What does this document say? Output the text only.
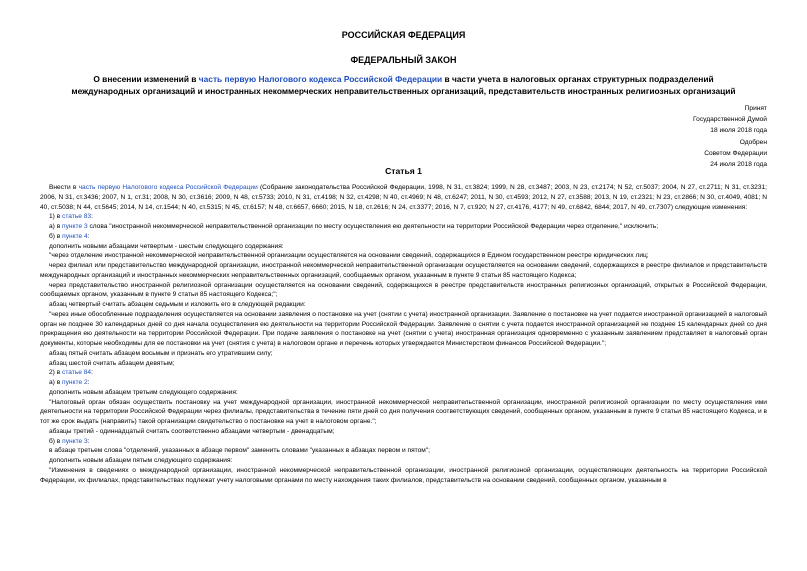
РОССИЙСКАЯ ФЕДЕРАЦИЯ
ФЕДЕРАЛЬНЫЙ ЗАКОН
О внесении изменений в часть первую Налогового кодекса Российской Федерации в части учета в налоговых органах структурных подразделений
международных организаций и иностранных некоммерческих неправительственных организаций, представительств иностранных религиозных организаций
Принят
Государственной Думой
18 июля 2018 года
Одобрен
Советом Федерации
24 июля 2018 года
Статья 1

Внести в часть первую Налогового кодекса Российской Федерации (Собрание законодательства Российской Федерации, 1998, N 31, ст.3824; 1999, N 28, ст.3487; 2003, N 23, ст.2174; N 52, ст.5037; 2004, N 27, ст.2711; N 31, ст.3231; 2006, N 31, ст.3436; 2007, N 1, ст.31; 2008, N 30, ст.3616; 2009, N 48, ст.5733; 2010, N 31, ст.4198; N 32, ст.4298; N 40, ст.4969; N 48, ст.6247; 2011, N 30, ст.4593; 2012, N 27, ст.3588; 2013, N 19, ст.2321; N 23, ст.2866; N 30, ст.4049, 4081; N 40, ст.5038; N 44, ст.5645; 2014, N 14, ст.1544; N 40, ст.5315; N 45, ст.6157; N 48, ст.6657, 6660; 2015, N 18, ст.2616; N 24, ст.3377; 2016, N 7, ст.920; N 27, ст.4176, 4177; N 49, ст.6842, 6844; 2017, N 49, ст.7307) следующие изменения:

1) в статье 83:

а) в пункте 3 слова "иностранной некоммерческой неправительственной организации по месту осуществления ею деятельности на территории Российской Федерации через отделение," исключить;

б) в пункте 4:

дополнить новыми абзацами четвертым - шестым следующего содержания:

"через отделение иностранной некоммерческой неправительственной организации осуществляется на основании сведений, содержащихся в Едином государственном реестре юридических лиц;

через филиал или представительство международной организации, иностранной некоммерческой неправительственной организации осуществляется на основании сведений, содержащихся в реестре филиалов и представительств международных организаций и иностранных некоммерческих неправительственных организаций, сообщаемых органом, указанным в пункте 9 статьи 85 настоящего Кодекса;

через представительство иностранной религиозной организации осуществляется на основании сведений, содержащихся в реестре представительств иностранных религиозных организаций, открытых в Российской Федерации, сообщаемых органом, указанным в пункте 9 статьи 85 настоящего Кодекса;";

абзац четвертый считать абзацем седьмым и изложить его в следующей редакции:

"через иные обособленные подразделения осуществляется на основании заявления о постановке на учет (снятии с учета) иностранной организации. Заявление о постановке на учет подается иностранной организацией в налоговый орган не позднее 30 календарных дней со дня начала осуществления ею деятельности на территории Российской Федерации. Заявление о снятии с учета подается иностранной организацией не позднее 15 календарных дней со дня прекращения ею деятельности на территории Российской Федерации. При подаче заявления о постановке на учет (снятии с учета) иностранная организация одновременно с указанным заявлением представляет в налоговый орган документы, которые необходимы для ее постановки на учет (снятия с учета) в налоговом органе и перечень которых утверждается Министерством финансов Российской Федерации.";

абзац пятый считать абзацем восьмым и признать его утратившим силу;

абзац шестой считать абзацем девятым;

2) в статье 84:

а) в пункте 2:

дополнить новым абзацем третьим следующего содержания:

"Налоговый орган обязан осуществить постановку на учет международной организации, иностранной некоммерческой неправительственной организации, иностранной религиозной организации по месту осуществления ими деятельности на территории Российской Федерации через филиалы, представительства в течение пяти дней со дня получения соответствующих сведений, сообщенных органом, указанным в пункте 9 статьи 85 настоящего Кодекса, и в тот же срок выдать (направить) такой организации свидетельство о постановке на учет в налоговом органе.";

абзацы третий - одиннадцатый считать соответственно абзацами четвертым - двенадцатым;

б) в пункте 3:

в абзаце третьем слова "отделений, указанных в абзаце первом" заменить словами "указанных в абзацах первом и пятом";

дополнить новым абзацем пятым следующего содержания:

"Изменения в сведениях о международной организации, иностранной некоммерческой неправительственной организации, иностранной религиозной организации, осуществляющих деятельность на территории Российской Федерации, их филиалах, представительствах подлежат учету налоговыми органами по месту нахождения таких филиалов, представительств на основании сведений, сообщенных органом, указанным в
